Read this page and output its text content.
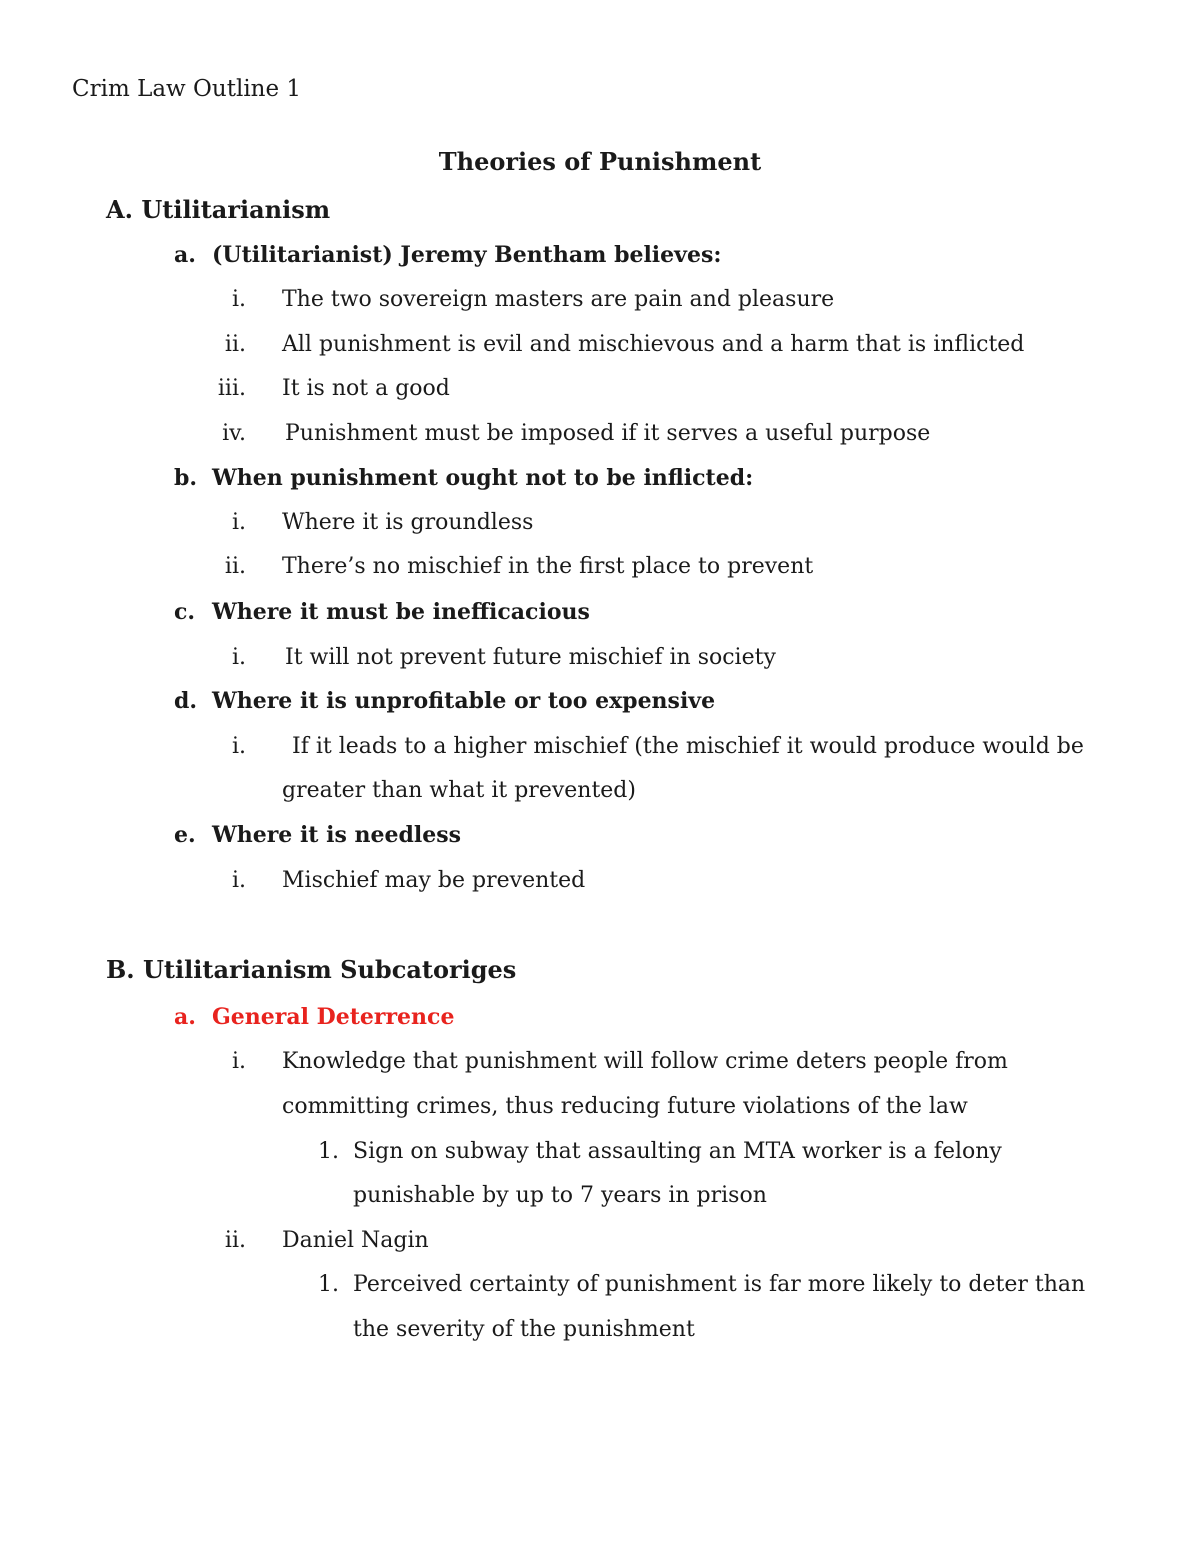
Crim Law Outline 1
Theories of Punishment
A. Utilitarianism
a. (Utilitarianist) Jeremy Bentham believes:
i. The two sovereign masters are pain and pleasure
ii. All punishment is evil and mischievous and a harm that is inflicted
iii. It is not a good
iv. Punishment must be imposed if it serves a useful purpose
b. When punishment ought not to be inflicted:
i. Where it is groundless
ii. There’s no mischief in the first place to prevent
c. Where it must be inefficacious
i. It will not prevent future mischief in society
d. Where it is unprofitable or too expensive
i. If it leads to a higher mischief (the mischief it would produce would be
greater than what it prevented)
e. Where it is needless
i. Mischief may be prevented
B. Utilitarianism Subcatoriges
a. General Deterrence
i. Knowledge that punishment will follow crime deters people from
committing crimes, thus reducing future violations of the law
1. Sign on subway that assaulting an MTA worker is a felony
punishable by up to 7 years in prison
ii. Daniel Nagin
1. Perceived certainty of punishment is far more likely to deter than
the severity of the punishment
